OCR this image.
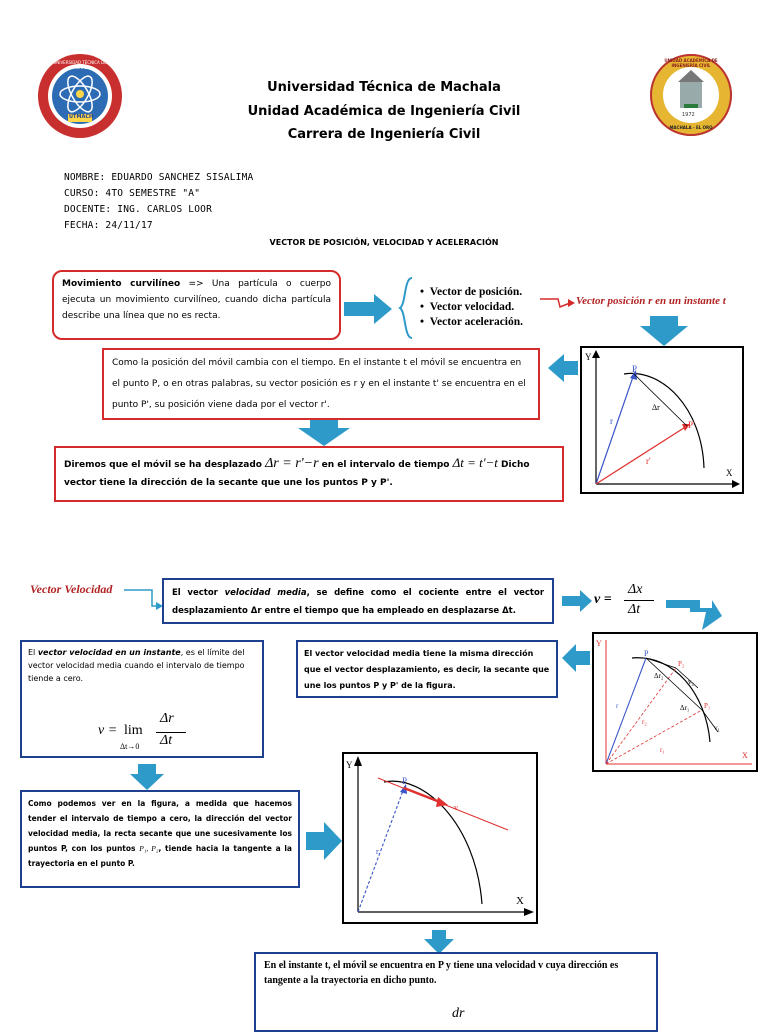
UTMACH
UNIVERSIDAD TÉCNICA DE MACHALA
UNIDAD ACADÉMICA DE INGENIERÍA CIVIL
1972
MACHALA - EL ORO
Universidad Técnica de Machala
Unidad Académica de Ingeniería Civil
Carrera de Ingeniería Civil
NOMBRE: EDUARDO SANCHEZ SISALIMA
CURSO: 4TO SEMESTRE "A"
DOCENTE: ING. CARLOS LOOR
FECHA: 24/11/17
VECTOR DE POSICIÓN, VELOCIDAD Y ACELERACIÓN
Movimiento curvilíneo => Una partícula o cuerpo ejecuta un movimiento curvilíneo, cuando dicha partícula describe una línea que no es recta.
•  Vector de posición.
•  Vector velocidad.
•  Vector aceleración.
Vector posición r en un instante t
Como la posición del móvil cambia con el tiempo. En el instante t el móvil se encuentra en el punto P, o en otras palabras, su vector posición es r y en el instante t' se encuentra en el punto P', su posición viene dada por el vector r'.
Diremos que el móvil se ha desplazado Δr = r'−r en el intervalo de tiempo Δt = t'−t Dicho vector tiene la dirección de la secante que une los puntos P y P'.
P
P'
r
r'
Δr
Y
X
Vector Velocidad	El vector velocidad media, se define como el cociente entre el vector desplazamiento Δr entre el tiempo que ha empleado en desplazarse Δt.
v =
Δx
Δt
El vector velocidad media tiene la misma dirección que el vector desplazamiento, es decir, la secante que une los puntos P y P' de la figura.
P
P₂
P₁
v₂
v₁
Δr₂
Δr₁
r
r₂
r₁
Y
X
El vector velocidad en un instante, es el límite del vector velocidad media cuando el intervalo de tiempo tiende a cero.
v = lim
Δt→0
Δr
Δt
Como podemos ver en la figura, a medida que hacemos tender el intervalo de tiempo a cero, la dirección del vector velocidad media, la recta secante que une sucesivamente los puntos P, con los puntos P₁, P₂, tiende hacia la tangente a la trayectoria en el punto P.
P
v
r
Y
X
En el instante t, el móvil se encuentra en P y tiene una velocidad v cuya dirección es tangente a la trayectoria en dicho punto.
dr
